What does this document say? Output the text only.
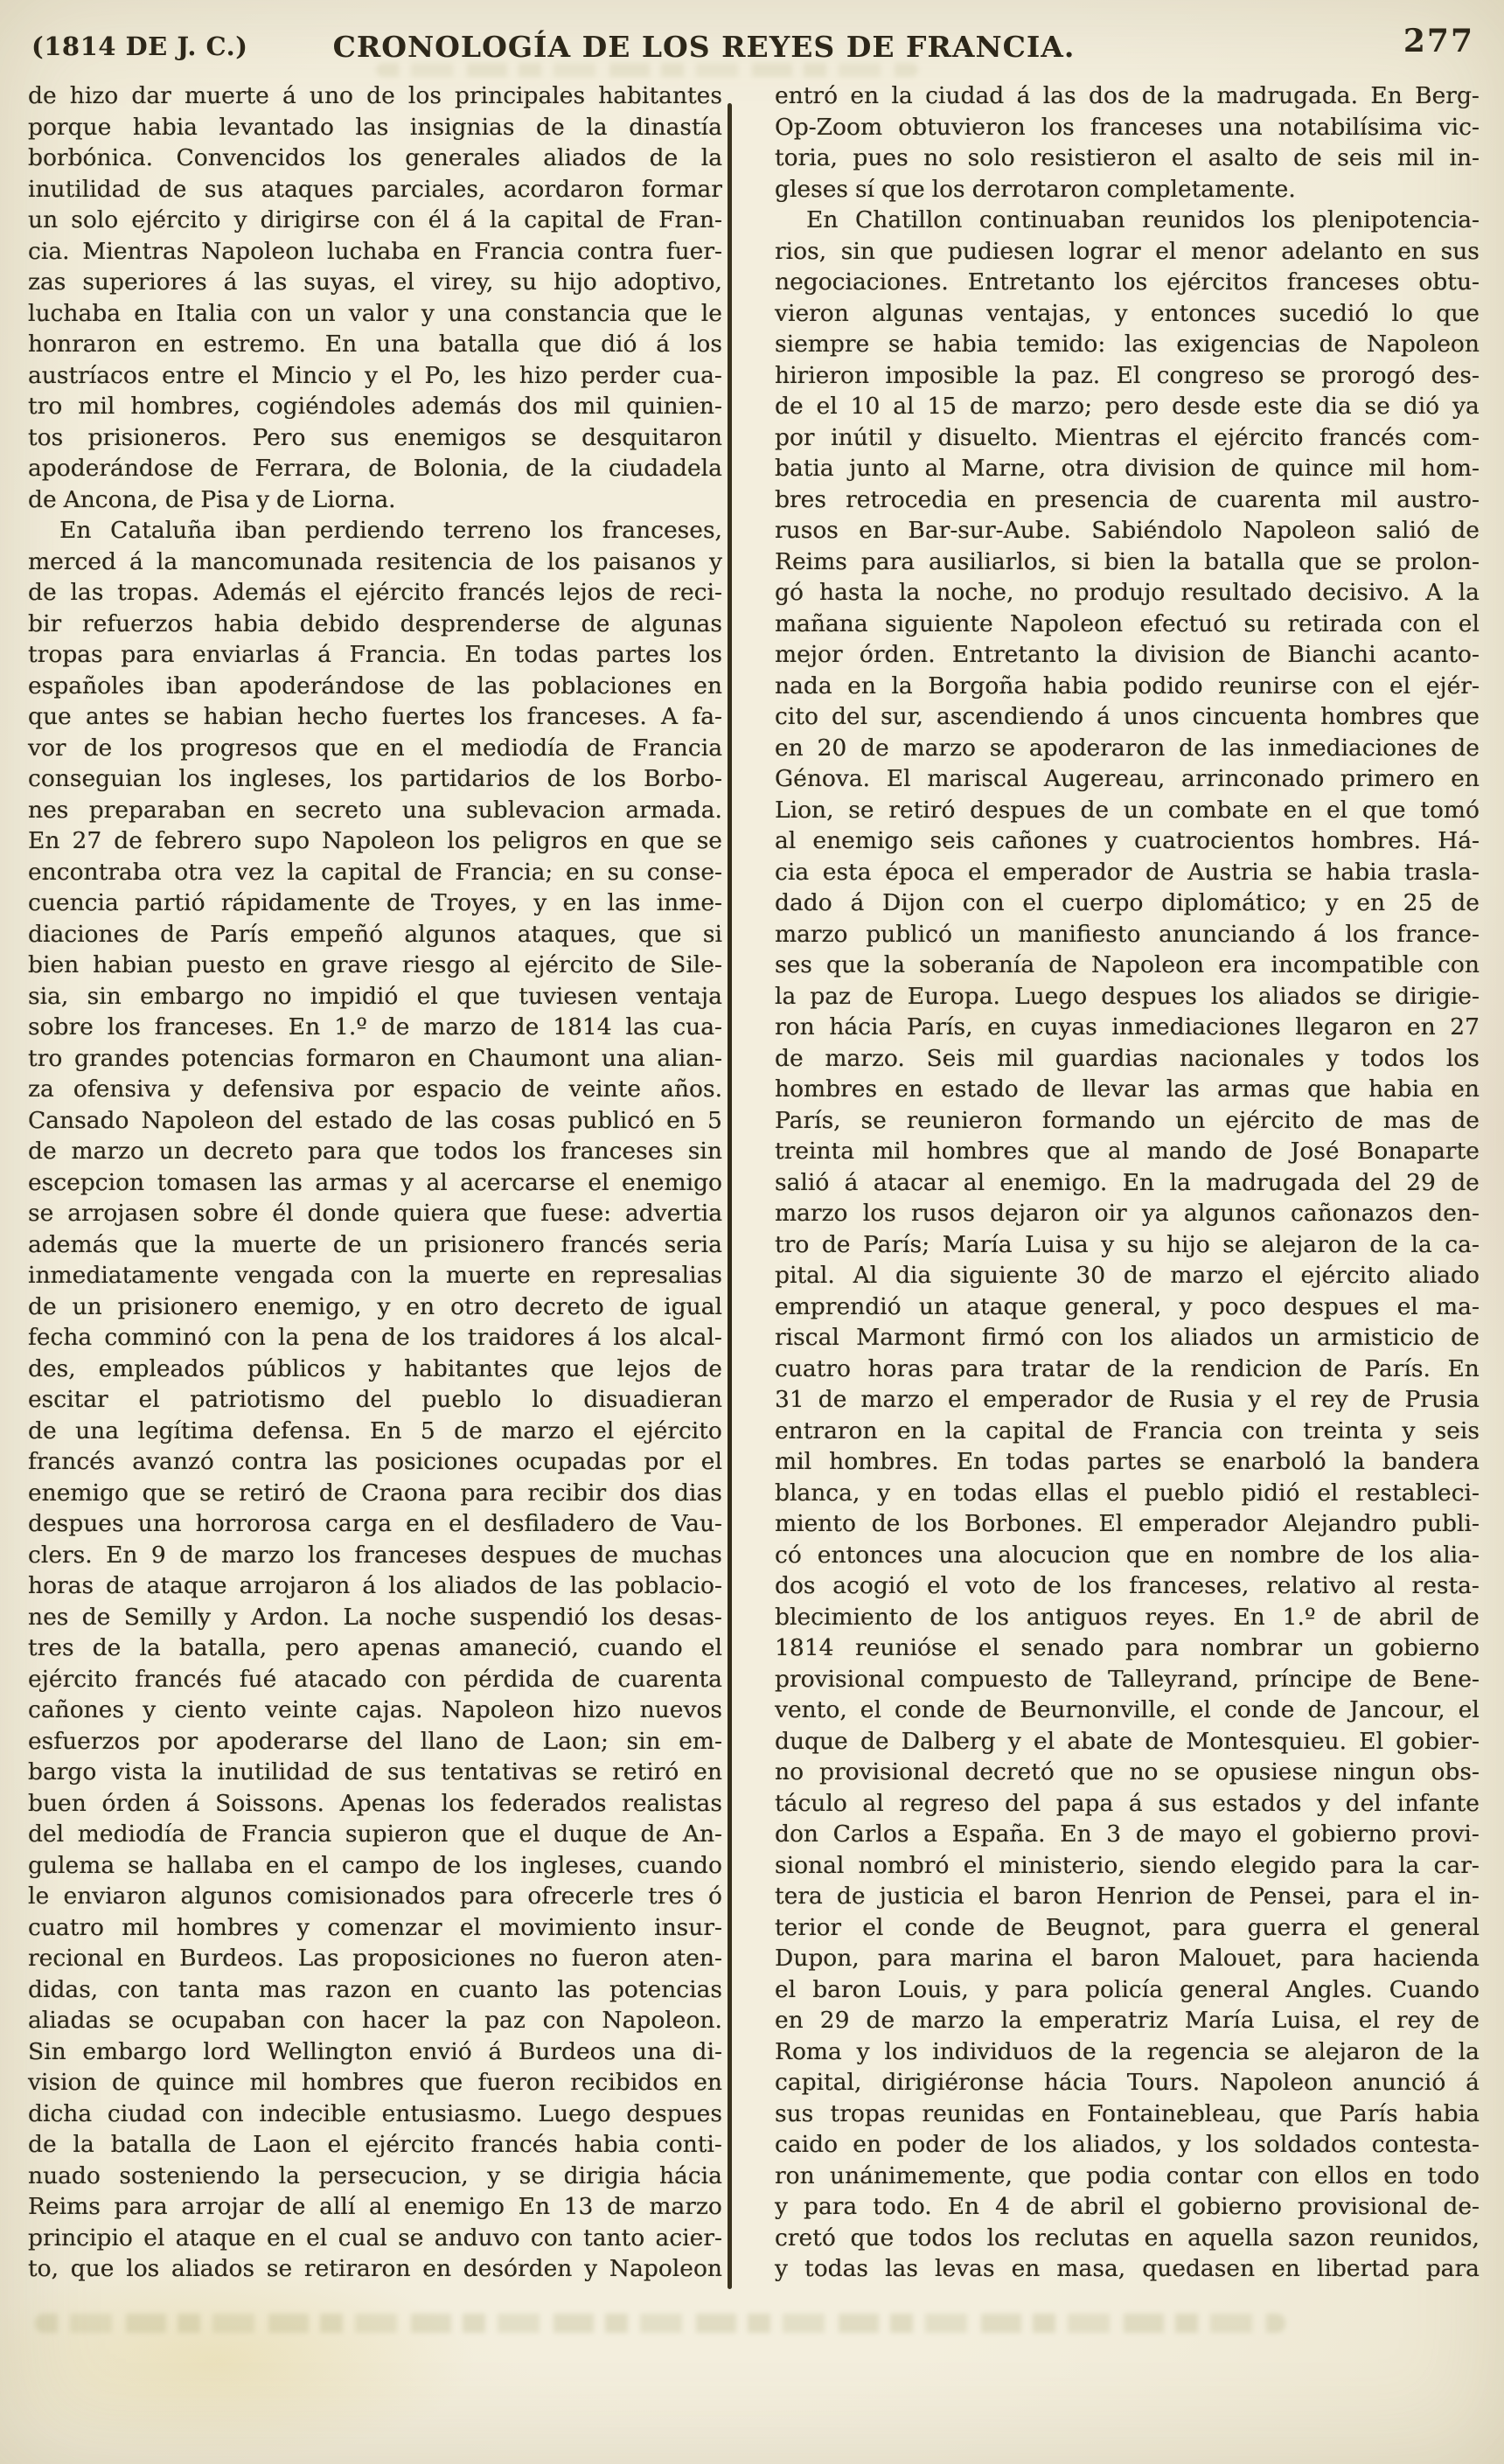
(1814 DE J. C.)	CRONOLOGÍA DE LOS REYES DE FRANCIA.	277
de hizo dar muerte á uno de los principales habitantes
porque habia levantado las insignias de la dinastía
borbónica. Convencidos los generales aliados de la
inutilidad de sus ataques parciales, acordaron formar
un solo ejército y dirigirse con él á la capital de Fran-
cia. Mientras Napoleon luchaba en Francia contra fuer-
zas superiores á las suyas, el virey, su hijo adoptivo,
luchaba en Italia con un valor y una constancia que le
honraron en estremo. En una batalla que dió á los
austríacos entre el Mincio y el Po, les hizo perder cua-
tro mil hombres, cogiéndoles además dos mil quinien-
tos prisioneros. Pero sus enemigos se desquitaron
apoderándose de Ferrara, de Bolonia, de la ciudadela
de Ancona, de Pisa y de Liorna.
En Cataluña iban perdiendo terreno los franceses,
merced á la mancomunada resitencia de los paisanos y
de las tropas. Además el ejército francés lejos de reci-
bir refuerzos habia debido desprenderse de algunas
tropas para enviarlas á Francia. En todas partes los
españoles iban apoderándose de las poblaciones en
que antes se habian hecho fuertes los franceses. A fa-
vor de los progresos que en el mediodía de Francia
conseguian los ingleses, los partidarios de los Borbo-
nes preparaban en secreto una sublevacion armada.
En 27 de febrero supo Napoleon los peligros en que se
encontraba otra vez la capital de Francia; en su conse-
cuencia partió rápidamente de Troyes, y en las inme-
diaciones de París empeñó algunos ataques, que si
bien habian puesto en grave riesgo al ejército de Sile-
sia, sin embargo no impidió el que tuviesen ventaja
sobre los franceses. En 1.º de marzo de 1814 las cua-
tro grandes potencias formaron en Chaumont una alian-
za ofensiva y defensiva por espacio de veinte años.
Cansado Napoleon del estado de las cosas publicó en 5
de marzo un decreto para que todos los franceses sin
escepcion tomasen las armas y al acercarse el enemigo
se arrojasen sobre él donde quiera que fuese: advertia
además que la muerte de un prisionero francés seria
inmediatamente vengada con la muerte en represalias
de un prisionero enemigo, y en otro decreto de igual
fecha comminó con la pena de los traidores á los alcal-
des, empleados públicos y habitantes que lejos de
escitar el patriotismo del pueblo lo disuadieran
de una legítima defensa. En 5 de marzo el ejército
francés avanzó contra las posiciones ocupadas por el
enemigo que se retiró de Craona para recibir dos dias
despues una horrorosa carga en el desfiladero de Vau-
clers. En 9 de marzo los franceses despues de muchas
horas de ataque arrojaron á los aliados de las poblacio-
nes de Semilly y Ardon. La noche suspendió los desas-
tres de la batalla, pero apenas amaneció, cuando el
ejército francés fué atacado con pérdida de cuarenta
cañones y ciento veinte cajas. Napoleon hizo nuevos
esfuerzos por apoderarse del llano de Laon; sin em-
bargo vista la inutilidad de sus tentativas se retiró en
buen órden á Soissons. Apenas los federados realistas
del mediodía de Francia supieron que el duque de An-
gulema se hallaba en el campo de los ingleses, cuando
le enviaron algunos comisionados para ofrecerle tres ó
cuatro mil hombres y comenzar el movimiento insur-
recional en Burdeos. Las proposiciones no fueron aten-
didas, con tanta mas razon en cuanto las potencias
aliadas se ocupaban con hacer la paz con Napoleon.
Sin embargo lord Wellington envió á Burdeos una di-
vision de quince mil hombres que fueron recibidos en
dicha ciudad con indecible entusiasmo. Luego despues
de la batalla de Laon el ejército francés habia conti-
nuado sosteniendo la persecucion, y se dirigia hácia
Reims para arrojar de allí al enemigo En 13 de marzo
principio el ataque en el cual se anduvo con tanto acier-
to, que los aliados se retiraron en desórden y Napoleon
entró en la ciudad á las dos de la madrugada. En Berg-
Op-Zoom obtuvieron los franceses una notabilísima vic-
toria, pues no solo resistieron el asalto de seis mil in-
gleses sí que los derrotaron completamente.
En Chatillon continuaban reunidos los plenipotencia-
rios, sin que pudiesen lograr el menor adelanto en sus
negociaciones. Entretanto los ejércitos franceses obtu-
vieron algunas ventajas, y entonces sucedió lo que
siempre se habia temido: las exigencias de Napoleon
hirieron imposible la paz. El congreso se prorogó des-
de el 10 al 15 de marzo; pero desde este dia se dió ya
por inútil y disuelto. Mientras el ejército francés com-
batia junto al Marne, otra division de quince mil hom-
bres retrocedia en presencia de cuarenta mil austro-
rusos en Bar-sur-Aube. Sabiéndolo Napoleon salió de
Reims para ausiliarlos, si bien la batalla que se prolon-
gó hasta la noche, no produjo resultado decisivo. A la
mañana siguiente Napoleon efectuó su retirada con el
mejor órden. Entretanto la division de Bianchi acanto-
nada en la Borgoña habia podido reunirse con el ejér-
cito del sur, ascendiendo á unos cincuenta hombres que
en 20 de marzo se apoderaron de las inmediaciones de
Génova. El mariscal Augereau, arrinconado primero en
Lion, se retiró despues de un combate en el que tomó
al enemigo seis cañones y cuatrocientos hombres. Há-
cia esta época el emperador de Austria se habia trasla-
dado á Dijon con el cuerpo diplomático; y en 25 de
marzo publicó un manifiesto anunciando á los france-
ses que la soberanía de Napoleon era incompatible con
la paz de Europa. Luego despues los aliados se dirigie-
ron hácia París, en cuyas inmediaciones llegaron en 27
de marzo. Seis mil guardias nacionales y todos los
hombres en estado de llevar las armas que habia en
París, se reunieron formando un ejército de mas de
treinta mil hombres que al mando de José Bonaparte
salió á atacar al enemigo. En la madrugada del 29 de
marzo los rusos dejaron oir ya algunos cañonazos den-
tro de París; María Luisa y su hijo se alejaron de la ca-
pital. Al dia siguiente 30 de marzo el ejército aliado
emprendió un ataque general, y poco despues el ma-
riscal Marmont firmó con los aliados un armisticio de
cuatro horas para tratar de la rendicion de París. En
31 de marzo el emperador de Rusia y el rey de Prusia
entraron en la capital de Francia con treinta y seis
mil hombres. En todas partes se enarboló la bandera
blanca, y en todas ellas el pueblo pidió el restableci-
miento de los Borbones. El emperador Alejandro publi-
có entonces una alocucion que en nombre de los alia-
dos acogió el voto de los franceses, relativo al resta-
blecimiento de los antiguos reyes. En 1.º de abril de
1814 reunióse el senado para nombrar un gobierno
provisional compuesto de Talleyrand, príncipe de Bene-
vento, el conde de Beurnonville, el conde de Jancour, el
duque de Dalberg y el abate de Montesquieu. El gobier-
no provisional decretó que no se opusiese ningun obs-
táculo al regreso del papa á sus estados y del infante
don Carlos a España. En 3 de mayo el gobierno provi-
sional nombró el ministerio, siendo elegido para la car-
tera de justicia el baron Henrion de Pensei, para el in-
terior el conde de Beugnot, para guerra el general
Dupon, para marina el baron Malouet, para hacienda
el baron Louis, y para policía general Angles. Cuando
en 29 de marzo la emperatriz María Luisa, el rey de
Roma y los individuos de la regencia se alejaron de la
capital, dirigiéronse hácia Tours. Napoleon anunció á
sus tropas reunidas en Fontainebleau, que París habia
caido en poder de los aliados, y los soldados contesta-
ron unánimemente, que podia contar con ellos en todo
y para todo. En 4 de abril el gobierno provisional de-
cretó que todos los reclutas en aquella sazon reunidos,
y todas las levas en masa, quedasen en libertad para
